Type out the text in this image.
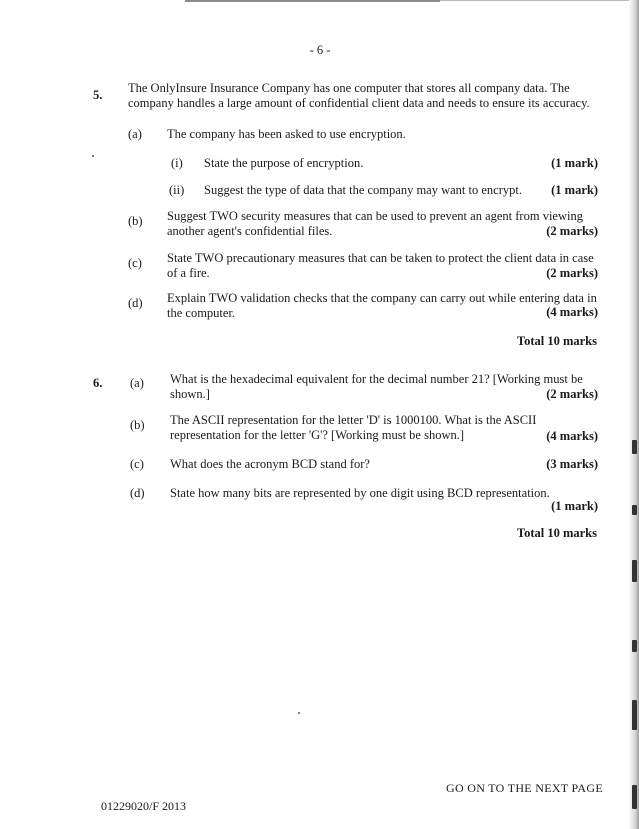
- 6 -
5. The OnlyInsure Insurance Company has one computer that stores all company data. The company handles a large amount of confidential client data and needs to ensure its accuracy.
(a) The company has been asked to use encryption.
(i) State the purpose of encryption.	(1 mark)
(ii) Suggest the type of data that the company may want to encrypt.	(1 mark)
(b) Suggest TWO security measures that can be used to prevent an agent from viewing another agent's confidential files.	(2 marks)
(c) State TWO precautionary measures that can be taken to protect the client data in case of a fire.	(2 marks)
(d) Explain TWO validation checks that the company can carry out while entering data in the computer.	(4 marks)
Total 10 marks
6. (a) What is the hexadecimal equivalent for the decimal number 21? [Working must be shown.]	(2 marks)
(b) The ASCII representation for the letter 'D' is 1000100. What is the ASCII representation for the letter 'G'? [Working must be shown.]	(4 marks)
(c) What does the acronym BCD stand for?	(3 marks)
(d) State how many bits are represented by one digit using BCD representation.
(1 mark)
Total 10 marks
GO ON TO THE NEXT PAGE
01229020/F 2013
